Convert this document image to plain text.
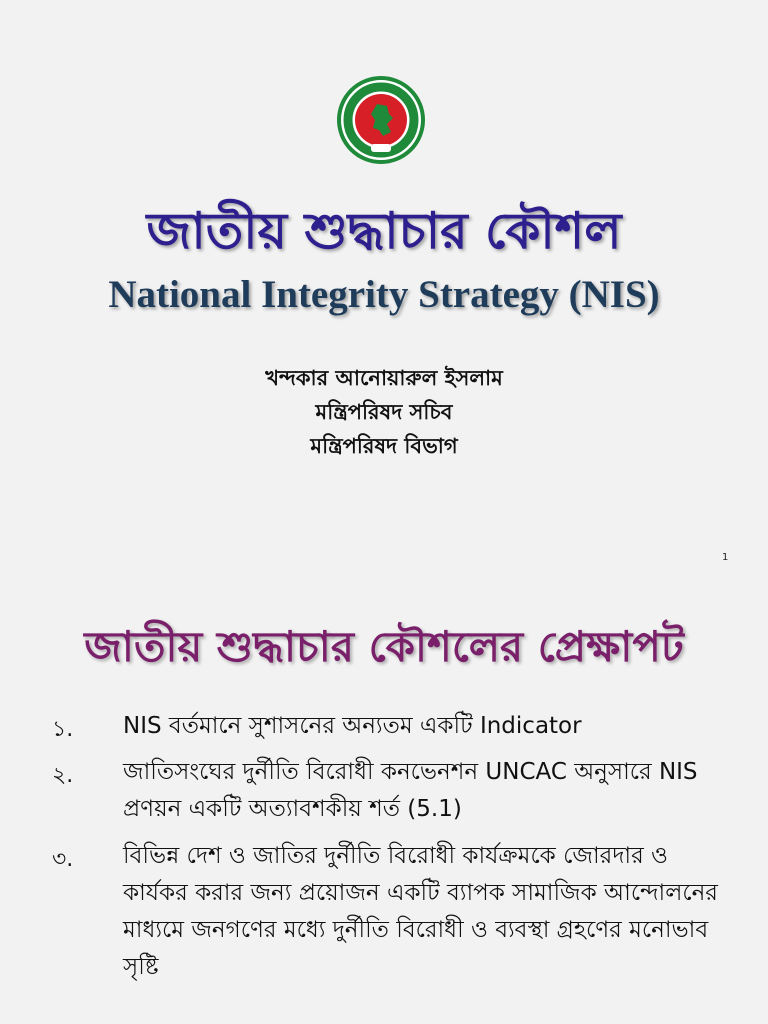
জাতীয় শুদ্ধাচার কৌশল
National Integrity Strategy (NIS)
খন্দকার আনোয়ারুল ইসলাম
মন্ত্রিপরিষদ সচিব
মন্ত্রিপরিষদ বিভাগ
1
জাতীয় শুদ্ধাচার কৌশলের প্রেক্ষাপট
১. NIS বর্তমানে সুশাসনের অন্যতম একটি Indicator
২. জাতিসংঘের দুর্নীতি বিরোধী কনভেনশন UNCAC অনুসারে NIS প্রণয়ন একটি অত্যাবশকীয় শর্ত (5.1)
৩. বিভিন্ন দেশ ও জাতির দুর্নীতি বিরোধী কার্যক্রমকে জোরদার ও কার্যকর করার জন্য প্রয়োজন একটি ব্যাপক সামাজিক আন্দোলনের মাধ্যমে জনগণের মধ্যে দুর্নীতি বিরোধী ও ব্যবস্থা গ্রহণের মনোভাব সৃষ্টি
